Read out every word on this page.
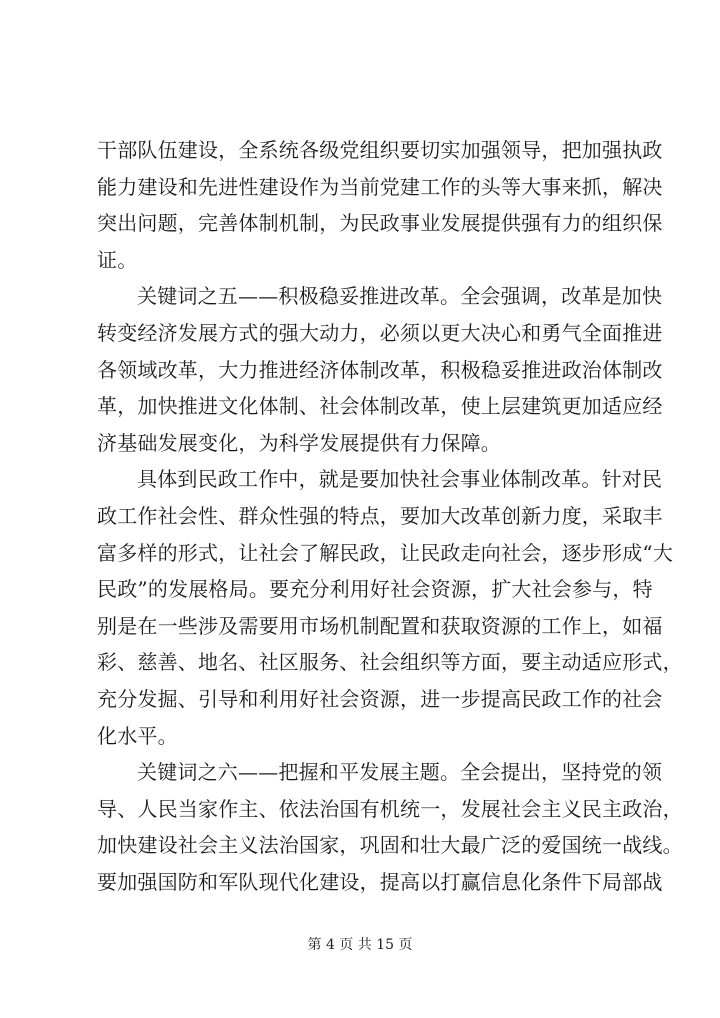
干部队伍建设，全系统各级党组织要切实加强领导，把加强执政
能力建设和先进性建设作为当前党建工作的头等大事来抓，解决
突出问题，完善体制机制，为民政事业发展提供强有力的组织保
证。
关键词之五——积极稳妥推进改革。全会强调，改革是加快
转变经济发展方式的强大动力，必须以更大决心和勇气全面推进
各领域改革，大力推进经济体制改革，积极稳妥推进政治体制改
革，加快推进文化体制、社会体制改革，使上层建筑更加适应经
济基础发展变化，为科学发展提供有力保障。
具体到民政工作中，就是要加快社会事业体制改革。针对民
政工作社会性、群众性强的特点，要加大改革创新力度，采取丰
富多样的形式，让社会了解民政，让民政走向社会，逐步形成“大
民政”的发展格局。要充分利用好社会资源，扩大社会参与，特
别是在一些涉及需要用市场机制配置和获取资源的工作上，如福
彩、慈善、地名、社区服务、社会组织等方面，要主动适应形式，
充分发掘、引导和利用好社会资源，进一步提高民政工作的社会
化水平。
关键词之六——把握和平发展主题。全会提出，坚持党的领
导、人民当家作主、依法治国有机统一，发展社会主义民主政治，
加快建设社会主义法治国家，巩固和壮大最广泛的爱国统一战线。
要加强国防和军队现代化建设，提高以打赢信息化条件下局部战
第 4 页 共 15 页
